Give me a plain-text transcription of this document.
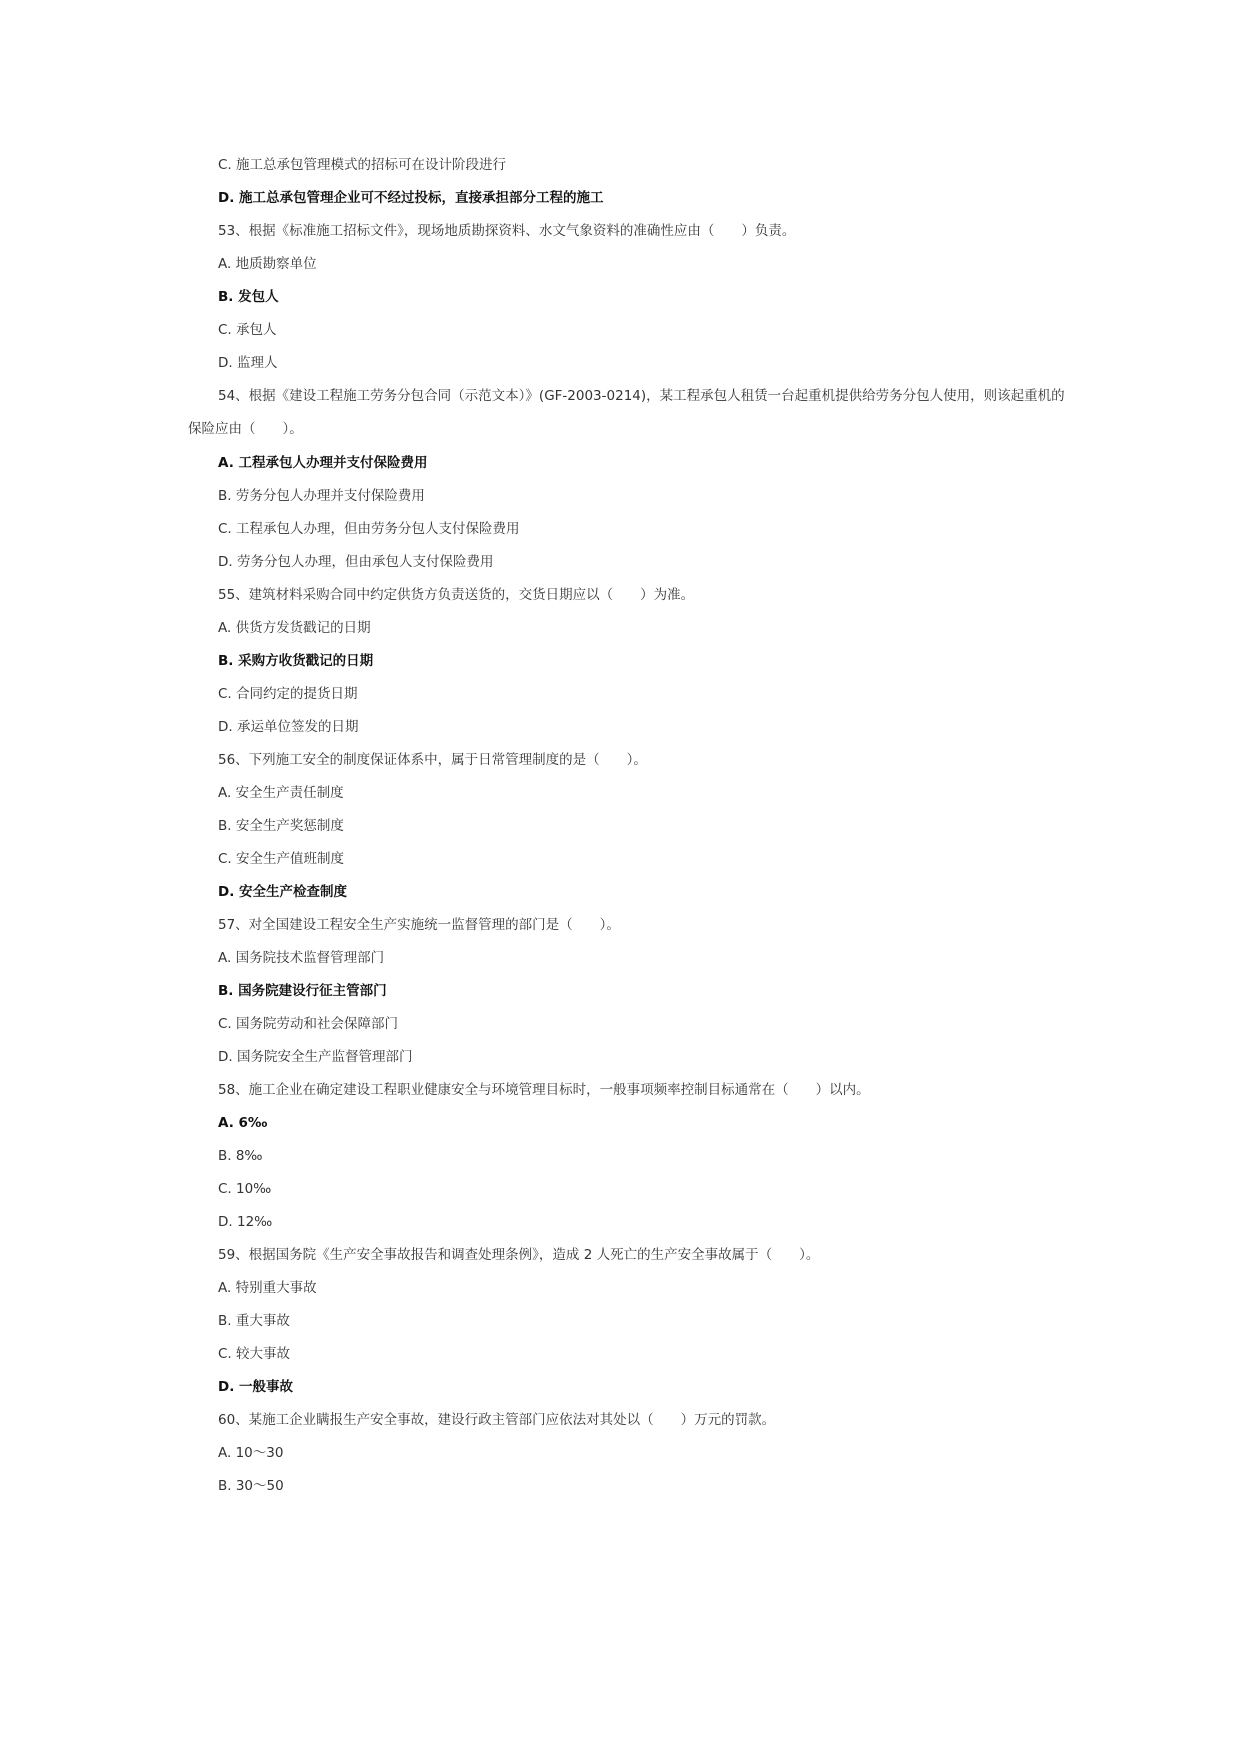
C. 施工总承包管理模式的招标可在设计阶段进行
D. 施工总承包管理企业可不经过投标，直接承担部分工程的施工
53、根据《标准施工招标文件》，现场地质勘探资料、水文气象资料的准确性应由（　　）负责。
A. 地质勘察单位
B. 发包人
C. 承包人
D. 监理人
54、根据《建设工程施工劳务分包合同（示范文本）》(GF-2003-0214)，某工程承包人租赁一台起重机提供给劳务分包人使用，则该起重机的保险应由（　　）。
A. 工程承包人办理并支付保险费用
B. 劳务分包人办理并支付保险费用
C. 工程承包人办理，但由劳务分包人支付保险费用
D. 劳务分包人办理，但由承包人支付保险费用
55、建筑材料采购合同中约定供货方负责送货的，交货日期应以（　　）为准。
A. 供货方发货戳记的日期
B. 采购方收货戳记的日期
C. 合同约定的提货日期
D. 承运单位签发的日期
56、下列施工安全的制度保证体系中，属于日常管理制度的是（　　）。
A. 安全生产责任制度
B. 安全生产奖惩制度
C. 安全生产值班制度
D. 安全生产检查制度
57、对全国建设工程安全生产实施统一监督管理的部门是（　　）。
A. 国务院技术监督管理部门
B. 国务院建设行征主管部门
C. 国务院劳动和社会保障部门
D. 国务院安全生产监督管理部门
58、施工企业在确定建设工程职业健康安全与环境管理目标时，一般事项频率控制目标通常在（　　）以内。
A. 6‰
B. 8‰
C. 10‰
D. 12‰
59、根据国务院《生产安全事故报告和调查处理条例》，造成 2 人死亡的生产安全事故属于（　　）。
A. 特别重大事故
B. 重大事故
C. 较大事故
D. 一般事故
60、某施工企业瞒报生产安全事故，建设行政主管部门应依法对其处以（　　）万元的罚款。
A. 10～30
B. 30～50
